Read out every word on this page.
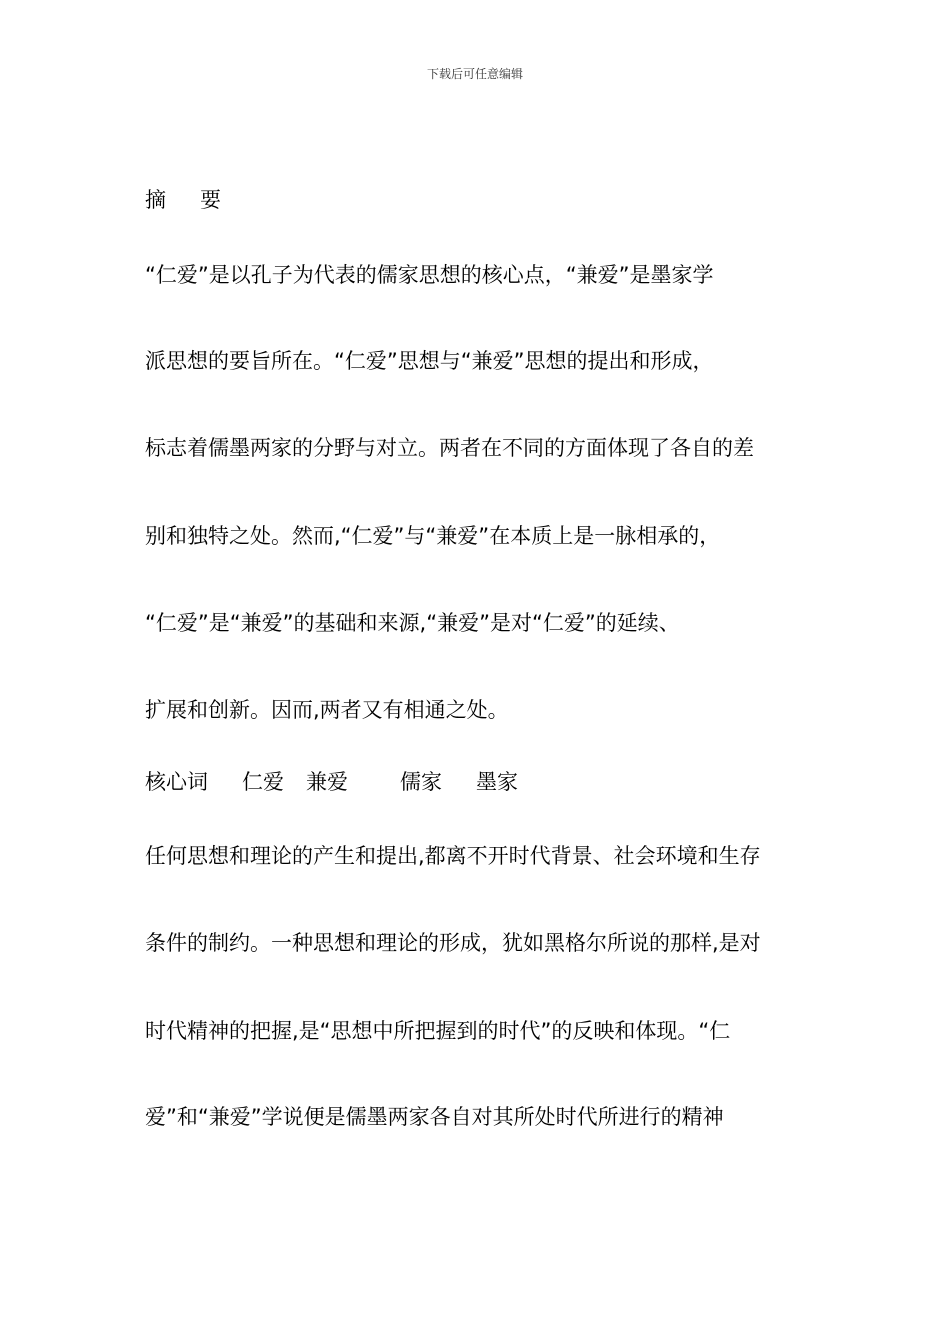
下载后可任意编辑
摘 要

“仁爱”是以孔子为代表的儒家思想的核心点，“兼爱”是墨家学

派思想的要旨所在。“仁爱”思想与“兼爱”思想的提出和形成，

标志着儒墨两家的分野与对立。两者在不同的方面体现了各自的差

别和独特之处。然而,“仁爱”与“兼爱”在本质上是一脉相承的，

“仁爱”是“兼爱”的基础和来源,“兼爱”是对“仁爱”的延续、

扩展和创新。因而,两者又有相通之处。

核心词 仁爱 兼爱 儒家 墨家

任何思想和理论的产生和提出,都离不开时代背景、社会环境和生存

条件的制约。一种思想和理论的形成，犹如黑格尔所说的那样,是对

时代精神的把握,是“思想中所把握到的时代”的反映和体现。“仁

爱”和“兼爱”学说便是儒墨两家各自对其所处时代所进行的精神
